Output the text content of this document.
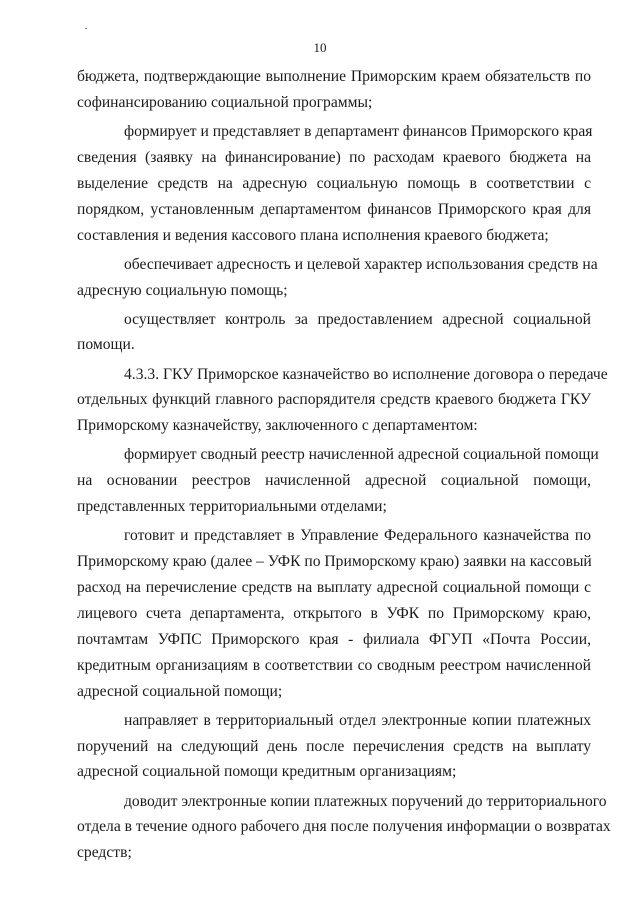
10
бюджета, подтверждающие выполнение Приморским краем обязательств по
софинансированию социальной программы;
формирует и представляет в департамент финансов Приморского края
сведения (заявку на финансирование) по расходам краевого бюджета на
выделение средств на адресную социальную помощь в соответствии с
порядком, установленным департаментом финансов Приморского края для
составления и ведения кассового плана исполнения краевого бюджета;
обеспечивает адресность и целевой характер использования средств на
адресную социальную помощь;
осуществляет контроль за предоставлением адресной социальной
помощи.
4.3.3. ГКУ Приморское казначейство во исполнение договора о передаче
отдельных функций главного распорядителя средств краевого бюджета ГКУ
Приморскому казначейству, заключенного с департаментом:
формирует сводный реестр начисленной адресной социальной помощи
на основании реестров начисленной адресной социальной помощи,
представленных территориальными отделами;
готовит и представляет в Управление Федерального казначейства по
Приморскому краю (далее – УФК по Приморскому краю) заявки на кассовый
расход на перечисление средств на выплату адресной социальной помощи с
лицевого счета департамента, открытого в УФК по Приморскому краю,
почтамтам УФПС Приморского края - филиала ФГУП «Почта России,
кредитным организациям в соответствии со сводным реестром начисленной
адресной социальной помощи;
направляет в территориальный отдел электронные копии платежных
поручений на следующий день после перечисления средств на выплату
адресной социальной помощи кредитным организациям;
доводит электронные копии платежных поручений до территориального
отдела в течение одного рабочего дня после получения информации о возвратах
средств;
